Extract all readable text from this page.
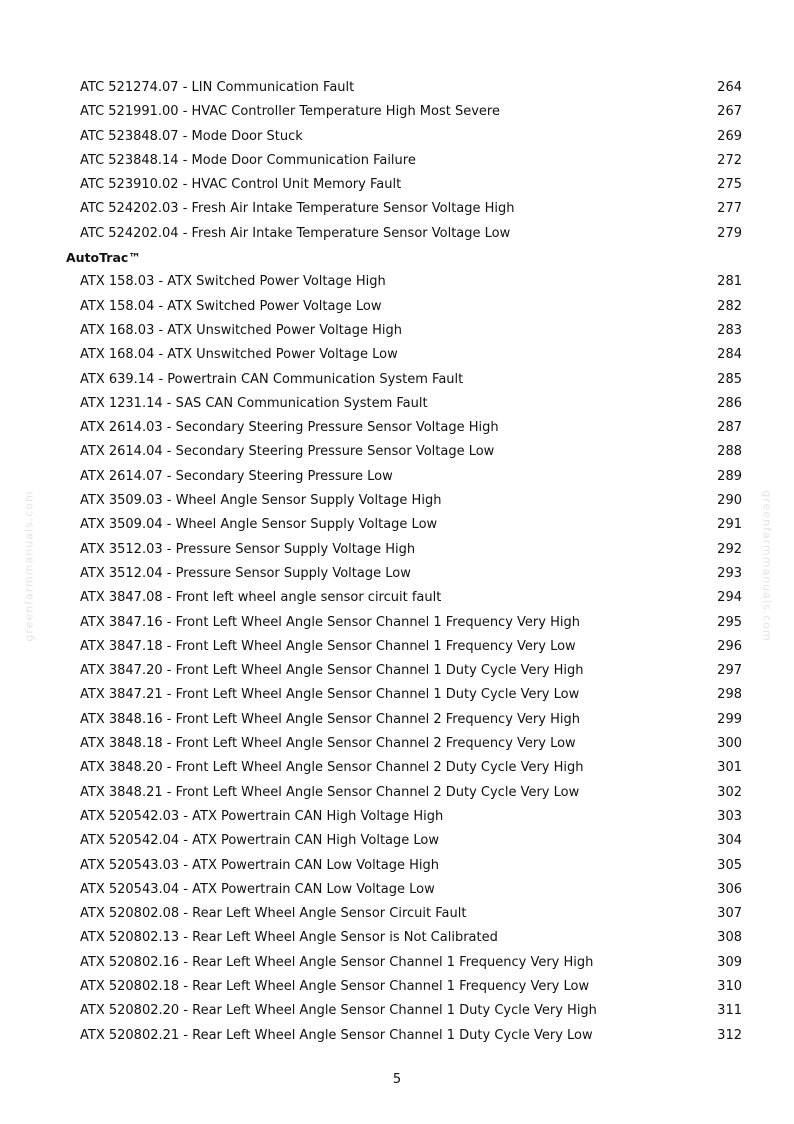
ATC 521274.07 - LIN Communication Fault	264
ATC 521991.00 - HVAC Controller Temperature High Most Severe	267
ATC 523848.07 - Mode Door Stuck	269
ATC 523848.14 - Mode Door Communication Failure	272
ATC 523910.02 - HVAC Control Unit Memory Fault	275
ATC 524202.03 - Fresh Air Intake Temperature Sensor Voltage High	277
ATC 524202.04 - Fresh Air Intake Temperature Sensor Voltage Low	279
AutoTrac™
ATX 158.03 - ATX Switched Power Voltage High	281
ATX 158.04 - ATX Switched Power Voltage Low	282
ATX 168.03 - ATX Unswitched Power Voltage High	283
ATX 168.04 - ATX Unswitched Power Voltage Low	284
ATX 639.14 - Powertrain CAN Communication System Fault	285
ATX 1231.14 - SAS CAN Communication System Fault	286
ATX 2614.03 - Secondary Steering Pressure Sensor Voltage High	287
ATX 2614.04 - Secondary Steering Pressure Sensor Voltage Low	288
ATX 2614.07 - Secondary Steering Pressure Low	289
ATX 3509.03 - Wheel Angle Sensor Supply Voltage High	290
ATX 3509.04 - Wheel Angle Sensor Supply Voltage Low	291
ATX 3512.03 - Pressure Sensor Supply Voltage High	292
ATX 3512.04 - Pressure Sensor Supply Voltage Low	293
ATX 3847.08 - Front left wheel angle sensor circuit fault	294
ATX 3847.16 - Front Left Wheel Angle Sensor Channel 1 Frequency Very High	295
ATX 3847.18 - Front Left Wheel Angle Sensor Channel 1 Frequency Very Low	296
ATX 3847.20 - Front Left Wheel Angle Sensor Channel 1 Duty Cycle Very High	297
ATX 3847.21 - Front Left Wheel Angle Sensor Channel 1 Duty Cycle Very Low	298
ATX 3848.16 - Front Left Wheel Angle Sensor Channel 2 Frequency Very High	299
ATX 3848.18 - Front Left Wheel Angle Sensor Channel 2 Frequency Very Low	300
ATX 3848.20 - Front Left Wheel Angle Sensor Channel 2 Duty Cycle Very High	301
ATX 3848.21 - Front Left Wheel Angle Sensor Channel 2 Duty Cycle Very Low	302
ATX 520542.03 - ATX Powertrain CAN High Voltage High	303
ATX 520542.04 - ATX Powertrain CAN High Voltage Low	304
ATX 520543.03 - ATX Powertrain CAN Low Voltage High	305
ATX 520543.04 - ATX Powertrain CAN Low Voltage Low	306
ATX 520802.08 - Rear Left Wheel Angle Sensor Circuit Fault	307
ATX 520802.13 - Rear Left Wheel Angle Sensor is Not Calibrated	308
ATX 520802.16 - Rear Left Wheel Angle Sensor Channel 1 Frequency Very High	309
ATX 520802.18 - Rear Left Wheel Angle Sensor Channel 1 Frequency Very Low	310
ATX 520802.20 - Rear Left Wheel Angle Sensor Channel 1 Duty Cycle Very High	311
ATX 520802.21 - Rear Left Wheel Angle Sensor Channel 1 Duty Cycle Very Low	312
5
greenfarmmanuals.com	greenfarmmanuals.com
